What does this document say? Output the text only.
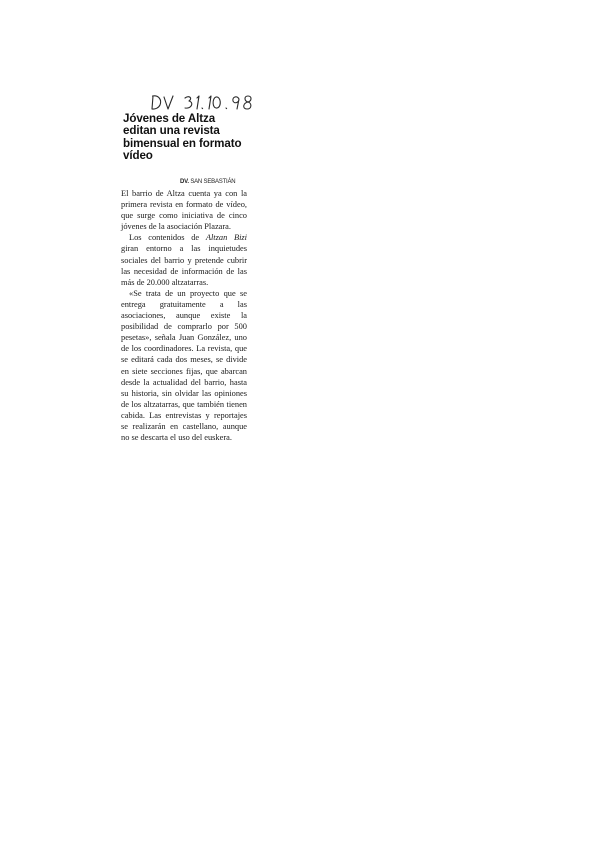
Jóvenes de Altza editan una revista bimensual en formato vídeo
DV. SAN SEBASTIÁN

El barrio de Altza cuenta ya con la primera revista en formato de vídeo, que surge como iniciativa de cinco jóvenes de la asociación Plazara.

Los contenidos de Altzan Bizi giran entorno a las inquietudes sociales del barrio y pretende cubrir las necesidad de información de las más de 20.000 altzatarras.

«Se trata de un proyecto que se entrega gratuitamente a las asociaciones, aunque existe la posibilidad de comprarlo por 500 pesetas», señala Juan González, uno de los coordinadores. La revista, que se editará cada dos meses, se divide en siete secciones fijas, que abarcan desde la actualidad del barrio, hasta su historia, sin olvidar las opiniones de los altzatarras, que también tienen cabida. Las entrevistas y reportajes se realizarán en castellano, aunque no se descarta el uso del euskera.
